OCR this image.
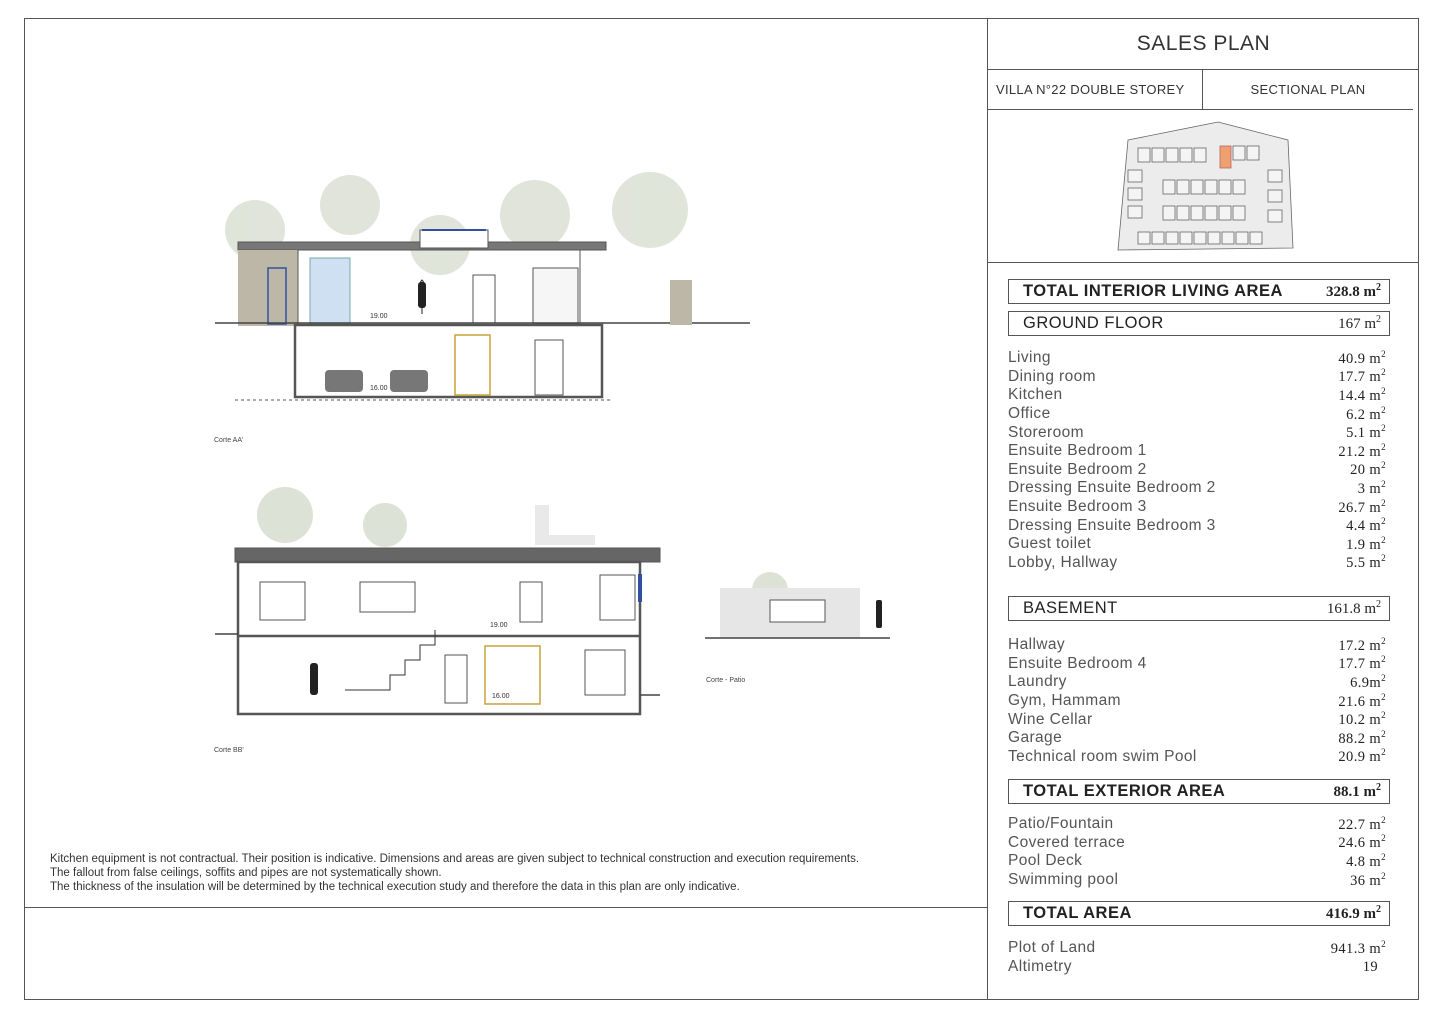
19.00
16.00
19.00
16.00
Corte AA'
Corte BB'
Corte - Patio

Kitchen equipment is not contractual. Their position is indicative. Dimensions and areas are given subject to technical construction and execution requirements.

The fallout from false ceilings, soffits and pipes are not systematically shown.

The thickness of the insulation will be determined by the technical execution study and therefore the data in this plan are only indicative.

SALES PLAN
VILLA N°22 DOUBLE STOREY	SECTIONAL PLAN
TOTAL INTERIOR LIVING AREA	328.8 $m^2$
GROUND FLOOR	167 $m^2$
Living	40.9 $m^2$
Dining room	17.7 $m^2$
Kitchen	14.4 $m^2$
Office	6.2 $m^2$
Storeroom	5.1 $m^2$
Ensuite Bedroom 1	21.2 $m^2$
Ensuite Bedroom 2	20 $m^2$
Dressing Ensuite Bedroom 2	3 $m^2$
Ensuite Bedroom 3	26.7 $m^2$
Dressing Ensuite Bedroom 3	4.4 $m^2$
Guest toilet	1.9 $m^2$
Lobby, Hallway	5.5 $m^2$
BASEMENT	161.8 $m^2$
Hallway	17.2 $m^2$
Ensuite Bedroom 4	17.7 $m^2$
Laundry	$6.9m^2$
Gym, Hammam	21.6 $m^2$
Wine Cellar	10.2 $m^2$
Garage	88.2 $m^2$
Technical room swim Pool	20.9 $m^2$
TOTAL EXTERIOR AREA	88.1 $m^2$
Patio/Fountain	22.7 $m^2$
Covered terrace	24.6 $m^2$
Pool Deck	4.8 $m^2$
Swimming pool	36 $m^2$
TOTAL AREA	416.9 $m^2$
Plot of Land	941.3 $m^2$
Altimetry	19
